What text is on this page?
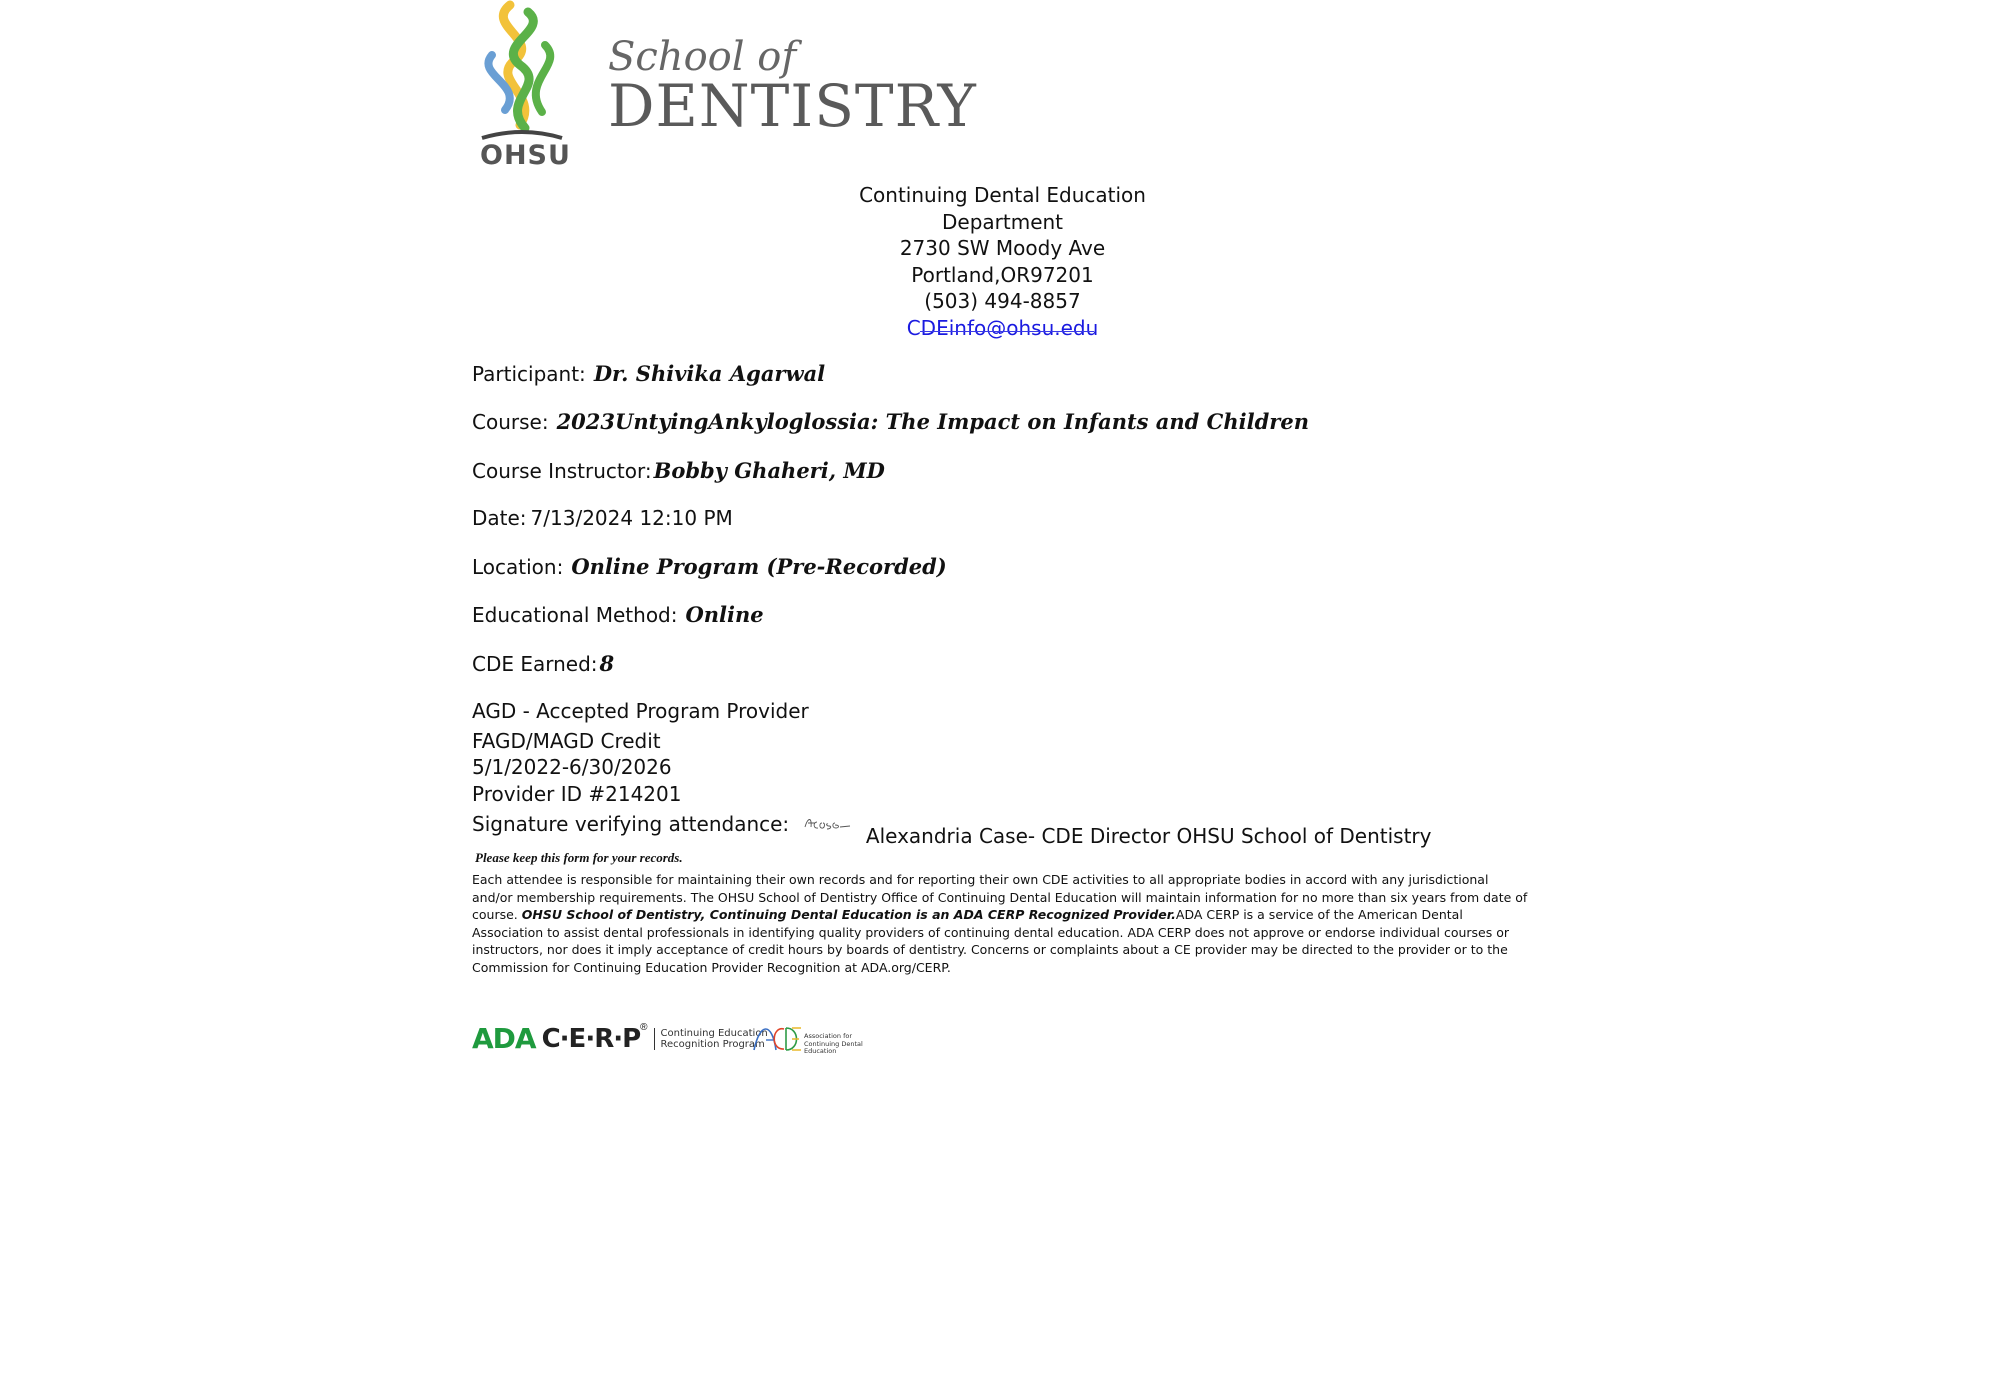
OHSU
School of
DENTISTRY
Continuing Dental Education Department
2730 SW Moody Ave
Portland,OR97201
(503) 494-8857
CDEinfo@ohsu.edu
Participant: Dr. Shivika Agarwal
Course: 2023UntyingAnkyloglossia: The Impact on Infants and Children
Course Instructor:Bobby Ghaheri, MD
Date: 7/13/2024 12:10 PM
Location: Online Program (Pre-Recorded)
Educational Method: Online
CDE Earned:8
AGD - Accepted Program Provider
FAGD/MAGD Credit
5/1/2022-6/30/2026
Provider ID #214201
Signature verifying attendance:	Alexandria Case- CDE Director OHSU School of Dentistry
Please keep this form for your records.
Each attendee is responsible for maintaining their own records and for reporting their own CDE activities to all appropriate bodies in accord with any jurisdictional and/or membership requirements. The OHSU School of Dentistry Office of Continuing Dental Education will maintain information for no more than six years from date of course. OHSU School of Dentistry, Continuing Dental Education is an ADA CERP Recognized Provider.ADA CERP is a service of the American Dental Association to assist dental professionals in identifying quality providers of continuing dental education. ADA CERP does not approve or endorse individual courses or instructors, nor does it imply acceptance of credit hours by boards of dentistry. Concerns or complaints about a CE provider may be directed to the provider or to the Commission for Continuing Education Provider Recognition at ADA.org/CERP.
ADA C·E·R·P® Continuing Education
Recognition Program
Association for
Continuing Dental Education
